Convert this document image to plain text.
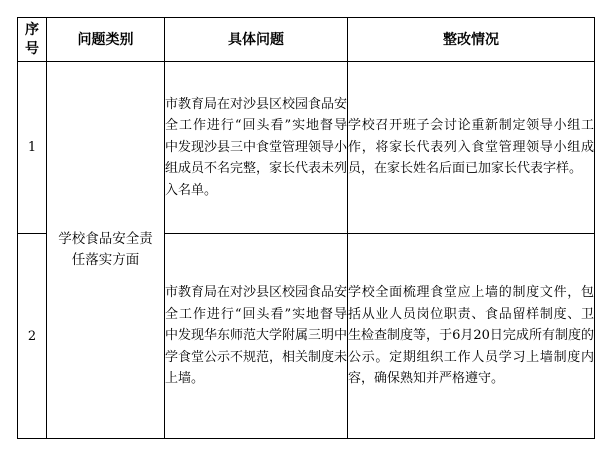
序号	问题类别	具体问题	整改情况
1	学校食品安全责任落实方面	市教育局在对沙县区校园食品安全工作进行“回头看”实地督导中发现沙县三中食堂管理领导小组成员不名完整，家长代表未列入名单。	学校召开班子会讨论重新制定领导小组工作，将家长代表列入食堂管理领导小组成员，在家长姓名后面已加家长代表字样。
2		市教育局在对沙县区校园食品安全工作进行“回头看”实地督导中发现华东师范大学附属三明中学食堂公示不规范，相关制度未上墙。	学校全面梳理食堂应上墙的制度文件，包括从业人员岗位职责、食品留样制度、卫生检查制度等，于6月20日完成所有制度的公示。定期组织工作人员学习上墙制度内容，确保熟知并严格遵守。
